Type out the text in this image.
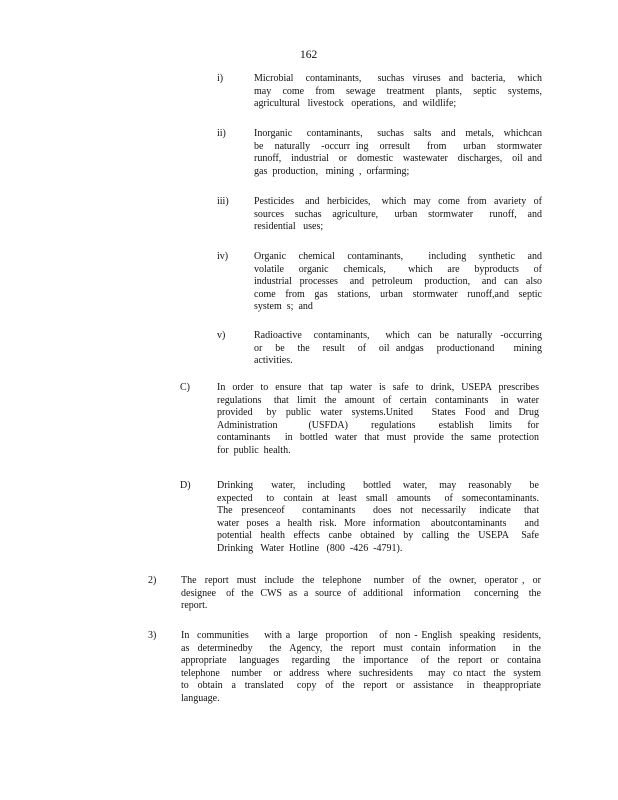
162
i)	Microbial   contaminants,    suchas  viruses  and  bacteria,   which
may  come  from  sewage  treatment  plants,  septic  systems,
agricultural   livestock   operations,   and  wildlife;
ii)	Inorganic   contaminants,   suchas  salts  and  metals,  whichcan
be  naturally  -occurr ing  orresult   from   urban  stormwater
runoff,  industrial  or  domestic  wastewater  discharges,  oil and
gas  production,   mining  ,  orfarming;
iii)	Pesticides   and  herbicides,   which  may  come  from  avariety  of
sources  suchas  agriculture,   urban  stormwater   runoff,  and
residential   uses;
iv)	Organic  chemical  contaminants,    including  synthetic  and
volatile  organic  chemicals,   which  are  byproducts  of
industrial  processes   and  petroleum   production,   and  can  also
come  from  gas  stations,  urban  stormwater  runoff,and  septic
system  s;  and
v)	Radioactive   contaminants,    which  can  be  naturally  -occurring
or  be  the  result  of  oil andgas  productionand   mining
activities.
C)	In  order  to  ensure  that  tap  water  is  safe  to  drink,  USEPA  prescribes
regulations   that  limit  the  amount  of  certain  contaminants   in  water
provided   by  public  water  systems.United    States  Food  and  Drug
Administration    (USFDA)   regulations   establish  limits  for
contaminants    in  bottled  water  that  must  provide  the  same  protection
for  public  health.
D)	Drinking   water,  including   bottled  water,  may  reasonably   be
expected   to  contain  at  least  small  amounts   of  somecontaminants.
The  presenceof    contaminants    does  not  necessarily   indicate   that
water  poses  a  health  risk.  More  information   aboutcontaminants     and
potential  health  effects  canbe  obtained  by  calling  the  USEPA   Safe
Drinking   Water  Hotline   (800  -426  -4791).
2) The  report  must  include  the  telephone   number  of  the  owner,  operator ,  or
designee   of  the  CWS  as  a  source  of  additional   information    concerning   the
report.
3) In  communities    with a  large  proportion   of  non - English  speaking  residents,
as  determinedby    the  Agency,  the  report  must  contain  information    in  the
appropriate   languages   regarding   the  importance   of  the  report  or  containa
telephone   number   or  address  where  suchresidents    may  co ntact  the  system
to  obtain  a  translated   copy  of  the  report  or  assistance   in  theappropriate
language.
